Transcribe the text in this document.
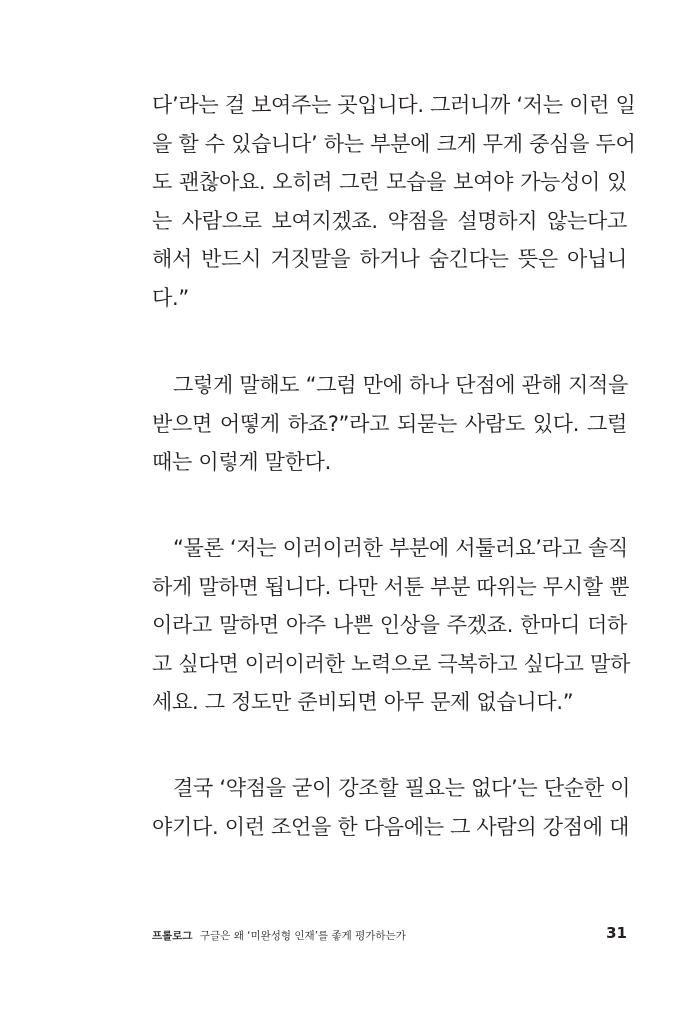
다’라는 걸 보여주는 곳입니다. 그러니까 ‘저는 이런 일
을 할 수 있습니다’ 하는 부분에 크게 무게 중심을 두어
도 괜찮아요. 오히려 그런 모습을 보여야 가능성이 있
는 사람으로 보여지겠죠. 약점을 설명하지 않는다고
해서 반드시 거짓말을 하거나 숨긴다는 뜻은 아닙니
다.”
그렇게 말해도 “그럼 만에 하나 단점에 관해 지적을
받으면 어떻게 하죠?”라고 되묻는 사람도 있다. 그럴
때는 이렇게 말한다.
“물론 ‘저는 이러이러한 부분에 서툴러요’라고 솔직
하게 말하면 됩니다. 다만 서툰 부분 따위는 무시할 뿐
이라고 말하면 아주 나쁜 인상을 주겠죠. 한마디 더하
고 싶다면 이러이러한 노력으로 극복하고 싶다고 말하
세요. 그 정도만 준비되면 아무 문제 없습니다.”
결국 ‘약점을 굳이 강조할 필요는 없다’는 단순한 이
야기다. 이런 조언을 한 다음에는 그 사람의 강점에 대
프롤로그 구글은 왜 ‘미완성형 인재’를 좋게 평가하는가	31
